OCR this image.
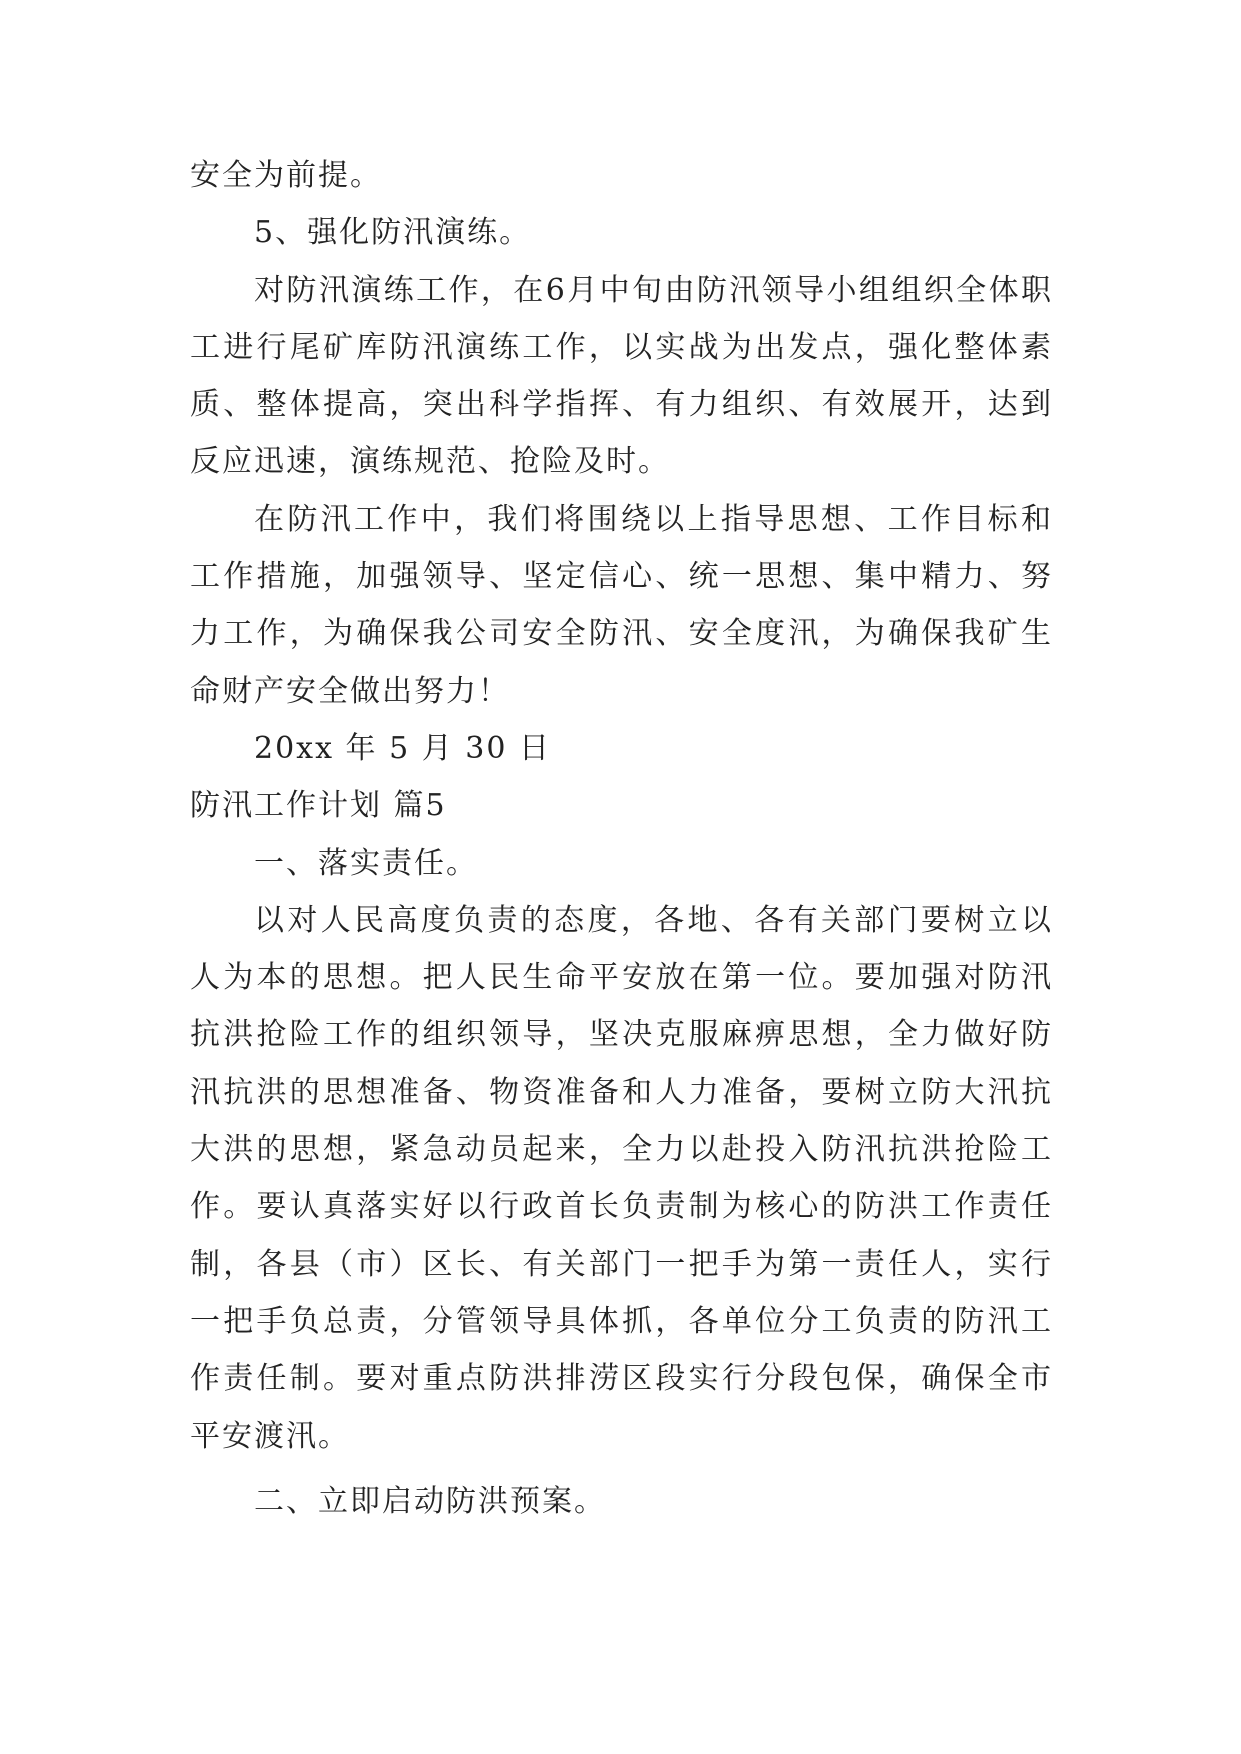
安全为前提。

5、强化防汛演练。

对防汛演练工作，在6月中旬由防汛领导小组组织全体职工进行尾矿库防汛演练工作，以实战为出发点，强化整体素质、整体提高，突出科学指挥、有力组织、有效展开，达到反应迅速，演练规范、抢险及时。

在防汛工作中，我们将围绕以上指导思想、工作目标和工作措施，加强领导、坚定信心、统一思想、集中精力、努力工作，为确保我公司安全防汛、安全度汛，为确保我矿生命财产安全做出努力！

20xx 年 5 月 30 日

防汛工作计划 篇5

一、落实责任。

以对人民高度负责的态度，各地、各有关部门要树立以人为本的思想。把人民生命平安放在第一位。要加强对防汛抗洪抢险工作的组织领导，坚决克服麻痹思想，全力做好防汛抗洪的思想准备、物资准备和人力准备，要树立防大汛抗大洪的思想，紧急动员起来，全力以赴投入防汛抗洪抢险工作。要认真落实好以行政首长负责制为核心的防洪工作责任制，各县（市）区长、有关部门一把手为第一责任人，实行一把手负总责，分管领导具体抓，各单位分工负责的防汛工作责任制。要对重点防洪排涝区段实行分段包保，确保全市平安渡汛。

二、立即启动防洪预案。
